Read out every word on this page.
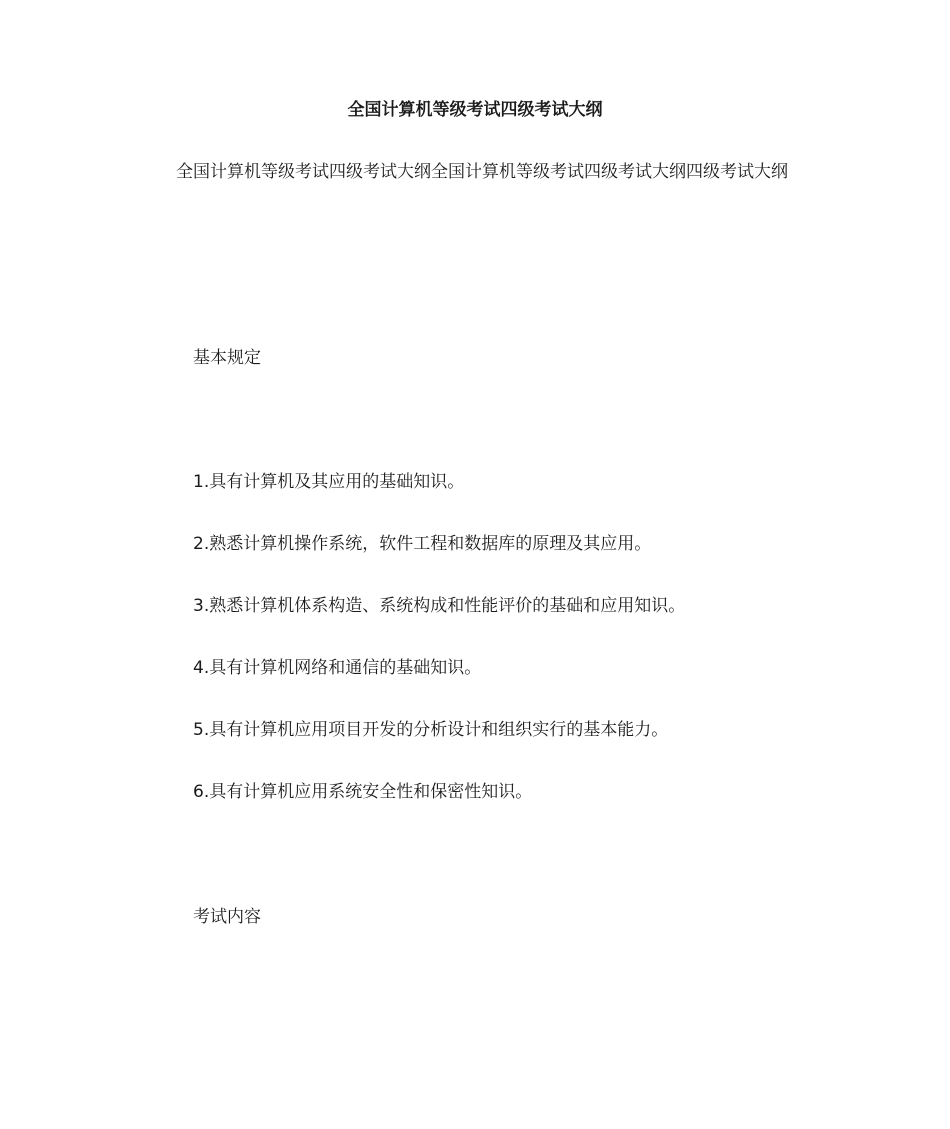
全国计算机等级考试四级考试大纲
全国计算机等级考试四级考试大纲全国计算机等级考试四级考试大纲四级考试大纲
基本规定
1.具有计算机及其应用的基础知识。
2.熟悉计算机操作系统，软件工程和数据库的原理及其应用。
3.熟悉计算机体系构造、系统构成和性能评价的基础和应用知识。
4.具有计算机网络和通信的基础知识。
5.具有计算机应用项目开发的分析设计和组织实行的基本能力。
6.具有计算机应用系统安全性和保密性知识。
考试内容
